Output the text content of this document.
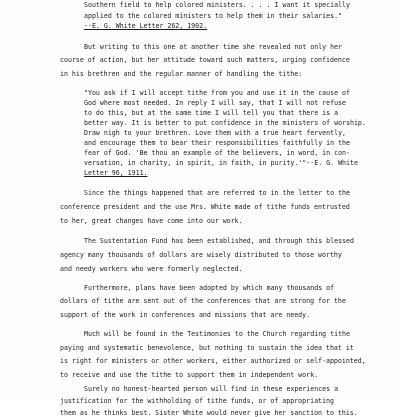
Southern field to help colored ministers. . . . I want it specially
applied to the colored ministers to help them in their salaries."
--E. G. White Letter 262, 1902.
But writing to this one at another time she revealed not only her
course of action, but her attitude toward such matters, urging confidence
in his brethren and the regular manner of handling the tithe:
"You ask if I will accept tithe from you and use it in the cause of
God where most needed. In reply I will say, that I will not refuse
to do this, but at the same time I will tell you that there is a
better way. It is better to put confidence in the ministers of worship.
Draw nigh to your brethren. Love them with a true heart fervently,
and encourage them to bear their responsibilities faithfully in the
fear of God. 'Be thou an example of the believers, in word, in con-
versation, in charity, in spirit, in faith, in purity.'"--E. G. White
Letter 96, 1911.
Since the things happened that are referred to in the letter to the
conference president and the use Mrs. White made of tithe funds entrusted
to her, great changes have come into our work.
The Sustentation Fund has been established, and through this blessed
agency many thousands of dollars are wisely distributed to those worthy
and needy workers who were formerly neglected.
Furthermore, plans have been adopted by which many thousands of
dollars of tithe are sent out of the conferences that are strong for the
support of the work in conferences and missions that are needy.
Much will be found in the Testimonies to the Church regarding tithe
paying and systematic benevolence, but nothing to sustain the idea that it
is right for ministers or other workers, either authorized or self-appointed,
to receive and use the tithe to support them in independent work.
Surely no honest-hearted person will find in these experiences a
justification for the withholding of tithe funds, or of appropriating
them as he thinks best. Sister White would never give her sanction to this.
